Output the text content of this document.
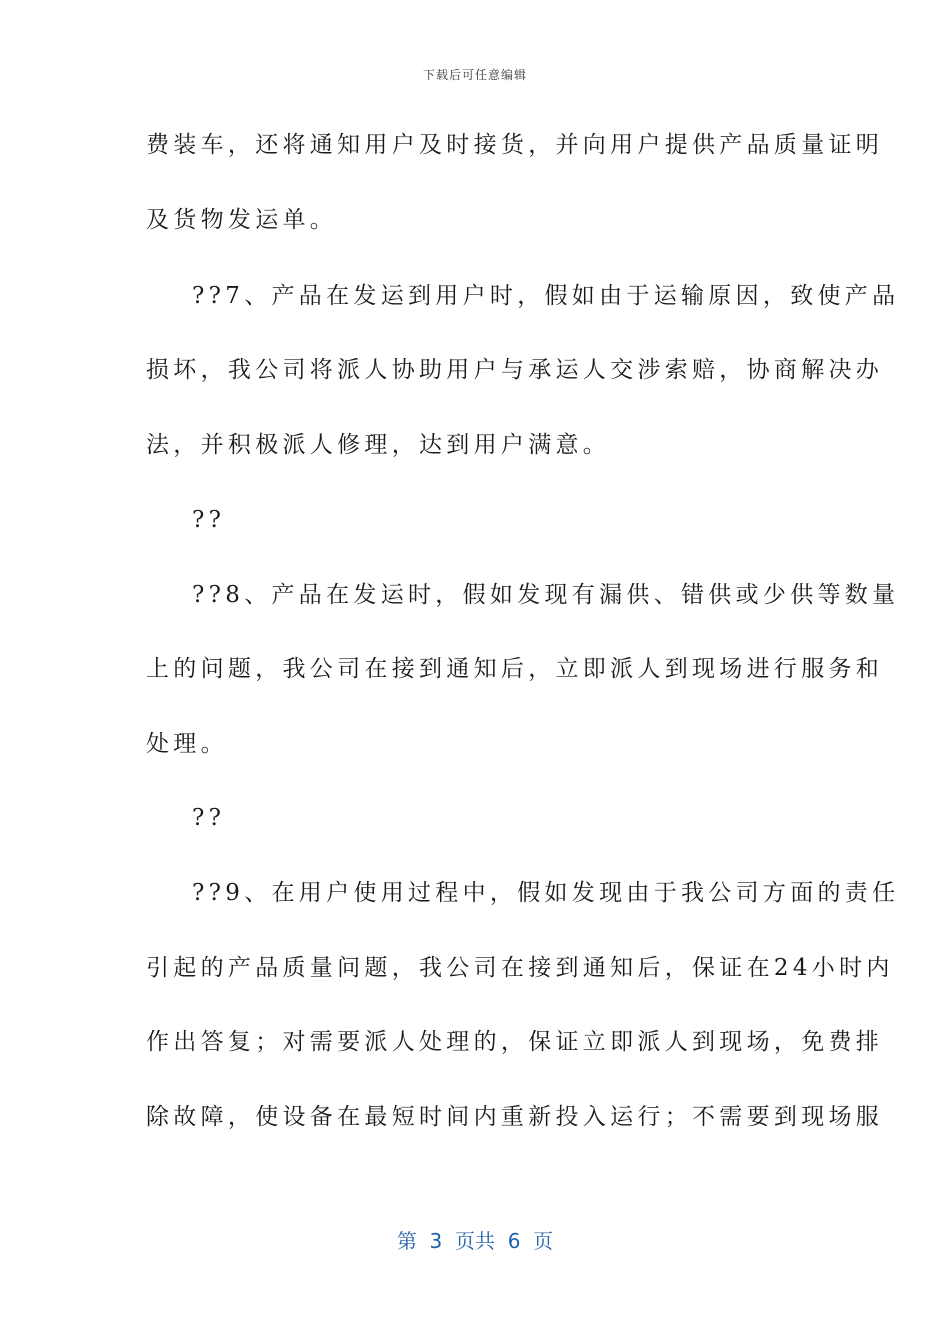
下载后可任意编辑
费装车，还将通知用户及时接货，并向用户提供产品质量证明
及货物发运单。
??7、产品在发运到用户时，假如由于运输原因，致使产品
损坏，我公司将派人协助用户与承运人交涉索赔，协商解决办
法，并积极派人修理，达到用户满意。
??
??8、产品在发运时，假如发现有漏供、错供或少供等数量
上的问题，我公司在接到通知后，立即派人到现场进行服务和
处理。
??
??9、在用户使用过程中，假如发现由于我公司方面的责任
引起的产品质量问题，我公司在接到通知后，保证在24小时内
作出答复；对需要派人处理的，保证立即派人到现场，免费排
除故障，使设备在最短时间内重新投入运行；不需要到现场服
第  3  页共  6  页
